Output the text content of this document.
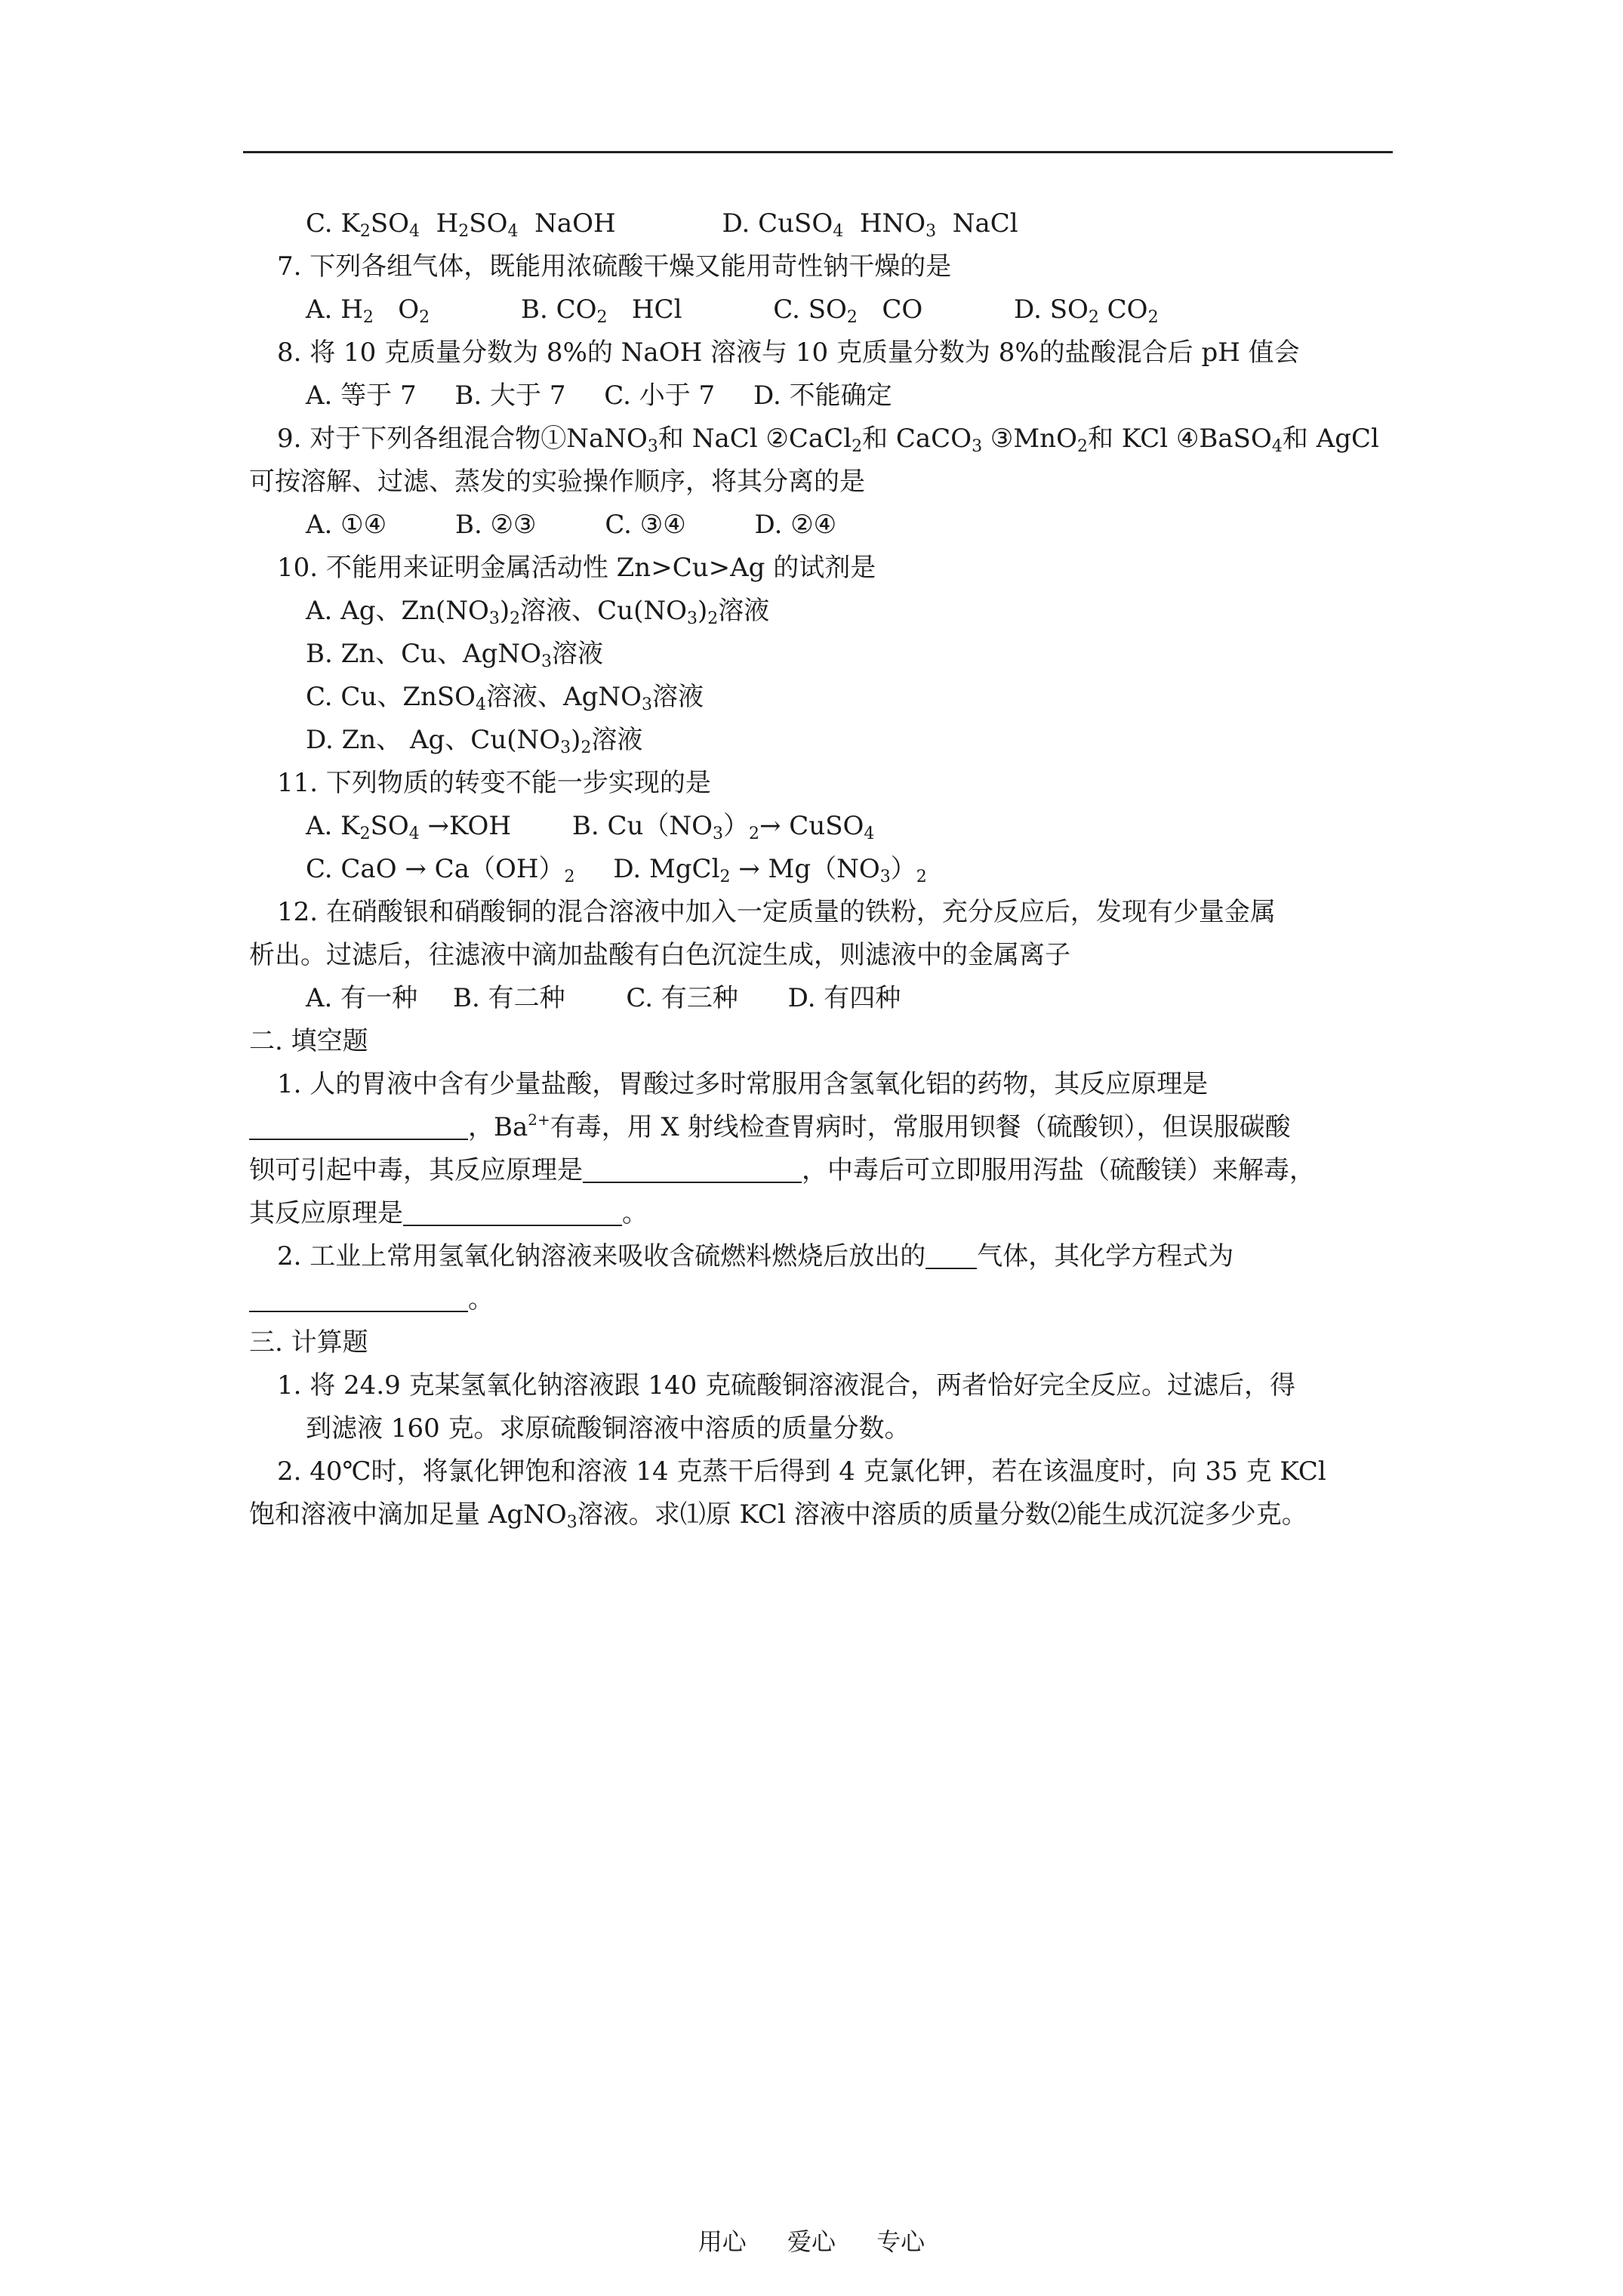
C. $K_2SO_4$ $H_2SO_4$ NaOH	D. CuSO$_4$ $HNO_3$ NaCl
7. 下列各组气体，既能用浓硫酸干燥又能用苛性钠干燥的是
A. $H_2$ $O_2$	B. $CO_2$ HCl	C. $SO_2$ CO	D. $SO_2$ $CO_2$
8. 将 10 克质量分数为 8%的 NaOH 溶液与 10 克质量分数为 8%的盐酸混合后 pH 值会
A. 等于 7 B. 大于 7 C. 小于 7 D. 不能确定
9. 对于下列各组混合物①NaNO$_3$和 NaCl ②CaCl$_2$和 CaCO$_3$ ③MnO$_2$和 KCl ④BaSO$_4$和 AgCl
可按溶解、过滤、蒸发的实验操作顺序，将其分离的是
A. ①④	B. ②③	C. ③④	D. ②④
10. 不能用来证明金属活动性 Zn>Cu>Ag 的试剂是
A. Ag、$Zn(NO_3)_2$溶液、$Cu(NO_3)_2$溶液
B. Zn、Cu、AgNO$_3$溶液
C. Cu、ZnSO$_4$溶液、AgNO$_3$溶液
D. Zn、 Ag、$Cu(NO_3)_2$溶液
11. 下列物质的转变不能一步实现的是
A. $K_2SO_4 \to KOH$ B. $Cu(NO_3)_2\to$ CuSO$_4$
C. CaO → $Ca(OH)_2$ D. MgCl$_2$ → $Mg(NO_3)_2$
12. 在硝酸银和硝酸铜的混合溶液中加入一定质量的铁粉，充分反应后，发现有少量金属
析出。过滤后，往滤液中滴加盐酸有白色沉淀生成，则滤液中的金属离子
A. 有一种 B. 有二种 C. 有三种 D. 有四种
二. 填空题
1. 人的胃液中含有少量盐酸，胃酸过多时常服用含氢氧化铝的药物，其反应原理是
，$Ba^{2+}$有毒，用 X 射线检查胃病时，常服用钡餐（硫酸钡），但误服碳酸
钡可引起中毒，其反应原理是	，中毒后可立即服用泻盐（硫酸镁）来解毒，
其反应原理是	。
2. 工业上常用氢氧化钠溶液来吸收含硫燃料燃烧后放出的 气体，其化学方程式为
。
三. 计算题
1. 将 24.9 克某氢氧化钠溶液跟 140 克硫酸铜溶液混合，两者恰好完全反应。过滤后，得
到滤液 160 克。求原硫酸铜溶液中溶质的质量分数。
2. 40℃时，将氯化钾饱和溶液 14 克蒸干后得到 4 克氯化钾，若在该温度时，向 35 克 KCl
饱和溶液中滴加足量 AgNO$_3$溶液。求⑴原 KCl 溶液中溶质的质量分数⑵能生成沉淀多少克。
用心 爱心 专心
